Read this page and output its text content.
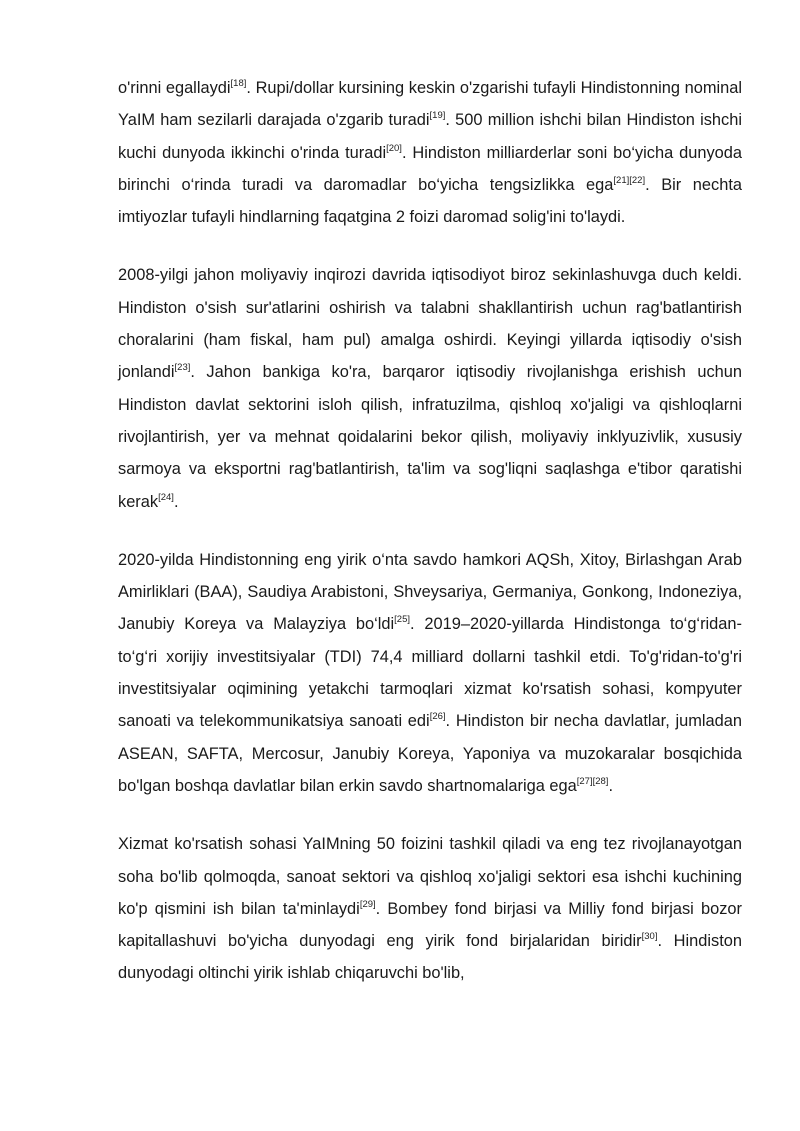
o'rinni egallaydi[18]. Rupi/dollar kursining keskin o'zgarishi tufayli Hindistonning nominal YaIM ham sezilarli darajada o'zgarib turadi[19]. 500 million ishchi bilan Hindiston ishchi kuchi dunyoda ikkinchi o'rinda turadi[20]. Hindiston milliarderlar soni bo‘yicha dunyoda birinchi o‘rinda turadi va daromadlar bo‘yicha tengsizlikka ega[21][22]. Bir nechta imtiyozlar tufayli hindlarning faqatgina 2 foizi daromad solig'ini to'laydi.

2008-yilgi jahon moliyaviy inqirozi davrida iqtisodiyot biroz sekinlashuvga duch keldi. Hindiston o'sish sur'atlarini oshirish va talabni shakllantirish uchun rag'batlantirish choralarini (ham fiskal, ham pul) amalga oshirdi. Keyingi yillarda iqtisodiy o'sish jonlandi[23]. Jahon bankiga ko'ra, barqaror iqtisodiy rivojlanishga erishish uchun Hindiston davlat sektorini isloh qilish, infratuzilma, qishloq xo'jaligi va qishloqlarni rivojlantirish, yer va mehnat qoidalarini bekor qilish, moliyaviy inklyuzivlik, xususiy sarmoya va eksportni rag'batlantirish, ta'lim va sog'liqni saqlashga e'tibor qaratishi kerak[24].

2020-yilda Hindistonning eng yirik o‘nta savdo hamkori AQSh, Xitoy, Birlashgan Arab Amirliklari (BAA), Saudiya Arabistoni, Shveysariya, Germaniya, Gonkong, Indoneziya, Janubiy Koreya va Malayziya bo‘ldi[25]. 2019–2020-yillarda Hindistonga to‘g‘ridan-to‘g‘ri xorijiy investitsiyalar (TDI) 74,4 milliard dollarni tashkil etdi. To'g'ridan-to'g'ri investitsiyalar oqimining yetakchi tarmoqlari xizmat ko'rsatish sohasi, kompyuter sanoati va telekommunikatsiya sanoati edi[26]. Hindiston bir necha davlatlar, jumladan ASEAN, SAFTA, Mercosur, Janubiy Koreya, Yaponiya va muzokaralar bosqichida bo'lgan boshqa davlatlar bilan erkin savdo shartnomalariga ega[27][28].

Xizmat ko'rsatish sohasi YaIMning 50 foizini tashkil qiladi va eng tez rivojlanayotgan soha bo'lib qolmoqda, sanoat sektori va qishloq xo'jaligi sektori esa ishchi kuchining ko'p qismini ish bilan ta'minlaydi[29]. Bombey fond birjasi va Milliy fond birjasi bozor kapitallashuvi bo'yicha dunyodagi eng yirik fond birjalaridan biridir[30]. Hindiston dunyodagi oltinchi yirik ishlab chiqaruvchi bo'lib,
